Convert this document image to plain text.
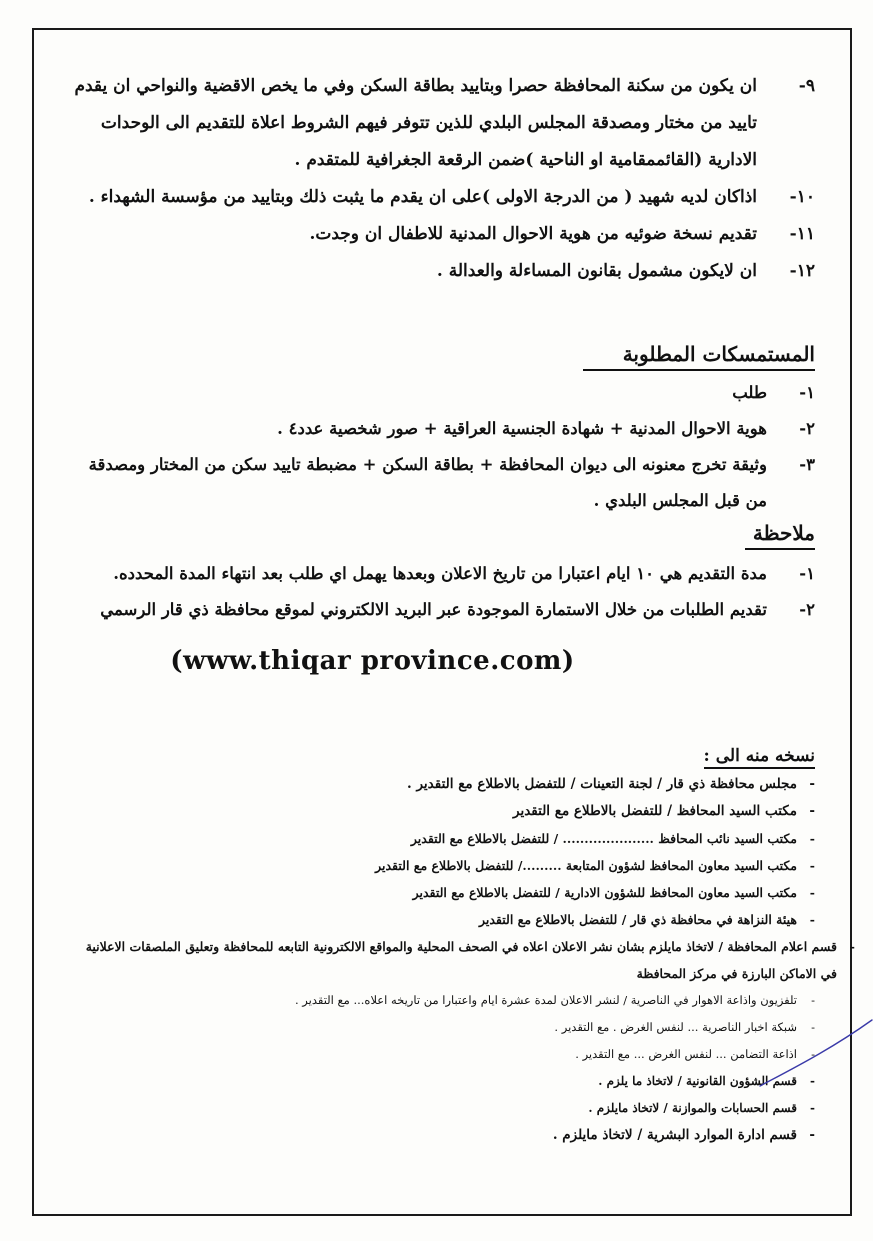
٩-
ان يكون من سكنة المحافظة حصرا وبتاييد بطاقة السكن وفي ما يخص الاقضية والنواحي ان يقدم تاييد من مختار ومصدقة المجلس البلدي للذين تتوفر فيهم الشروط اعلاة للتقديم الى الوحدات الادارية (القائممقامية او الناحية )ضمن الرقعة الجغرافية للمتقدم .
١٠-
اذاكان لديه شهيد ( من الدرجة الاولى )على ان يقدم ما يثبت ذلك وبتاييد من مؤسسة الشهداء .
١١-
تقديم نسخة ضوئيه من هوية الاحوال المدنية للاطفال ان وجدت.
١٢-
ان لايكون مشمول بقانون المساءلة والعدالة .
المستمسكات المطلوبة
١-
طلب
٢-
هوية الاحوال المدنية + شهادة الجنسية العراقية + صور شخصية عدد٤ .
٣-
وثيقة تخرج معنونه الى ديوان المحافظة + بطاقة السكن + مضبطة تاييد سكن من المختار ومصدقة من قبل المجلس البلدي .
ملاحظة
١-
مدة التقديم هي ١٠ ايام اعتبارا من تاريخ الاعلان وبعدها يهمل اي طلب بعد انتهاء المدة المحدده.
٢-
تقديم الطلبات من خلال الاستمارة الموجودة عبر البريد الالكتروني لموقع محافظة ذي قار الرسمي
(www.thiqar province.com)
نسخه منه الى :
-
مجلس محافظة ذي قار / لجنة التعينات / للتفضل بالاطلاع مع التقدير .
-
مكتب السيد المحافظ / للتفضل بالاطلاع مع التقدير
-
مكتب السيد نائب المحافظ ..................... / للتفضل بالاطلاع مع التقدير
-
مكتب السيد معاون المحافظ لشؤون المتابعة ........./ للتفضل بالاطلاع مع التقدير
-
مكتب السيد معاون المحافظ للشؤون الادارية / للتفضل بالاطلاع مع التقدير
-
هيئة النزاهة في محافظة ذي قار / للتفضل بالاطلاع مع التقدير
-
قسم اعلام المحافظة / لاتخاذ مايلزم بشان نشر الاعلان اعلاه في الصحف المحلية والمواقع الالكترونية التابعه للمحافظة وتعليق الملصقات الاعلانية في الاماكن البارزة في مركز المحافظة
-
تلفزيون واذاعة الاهوار في الناصرية / لنشر الاعلان لمدة عشرة ايام واعتبارا من تاريخه اعلاه... مع التقدير .
-
شبكة اخبار الناصرية ... لنفس الغرض . مع التقدير .
-
اذاعة التضامن ... لنفس الغرض ... مع التقدير .
-
قسم الشؤون القانونية / لاتخاذ ما يلزم .
-
قسم الحسابات والموازنة / لاتخاذ مايلزم .
-
قسم ادارة الموارد البشرية / لاتخاذ مايلزم .
